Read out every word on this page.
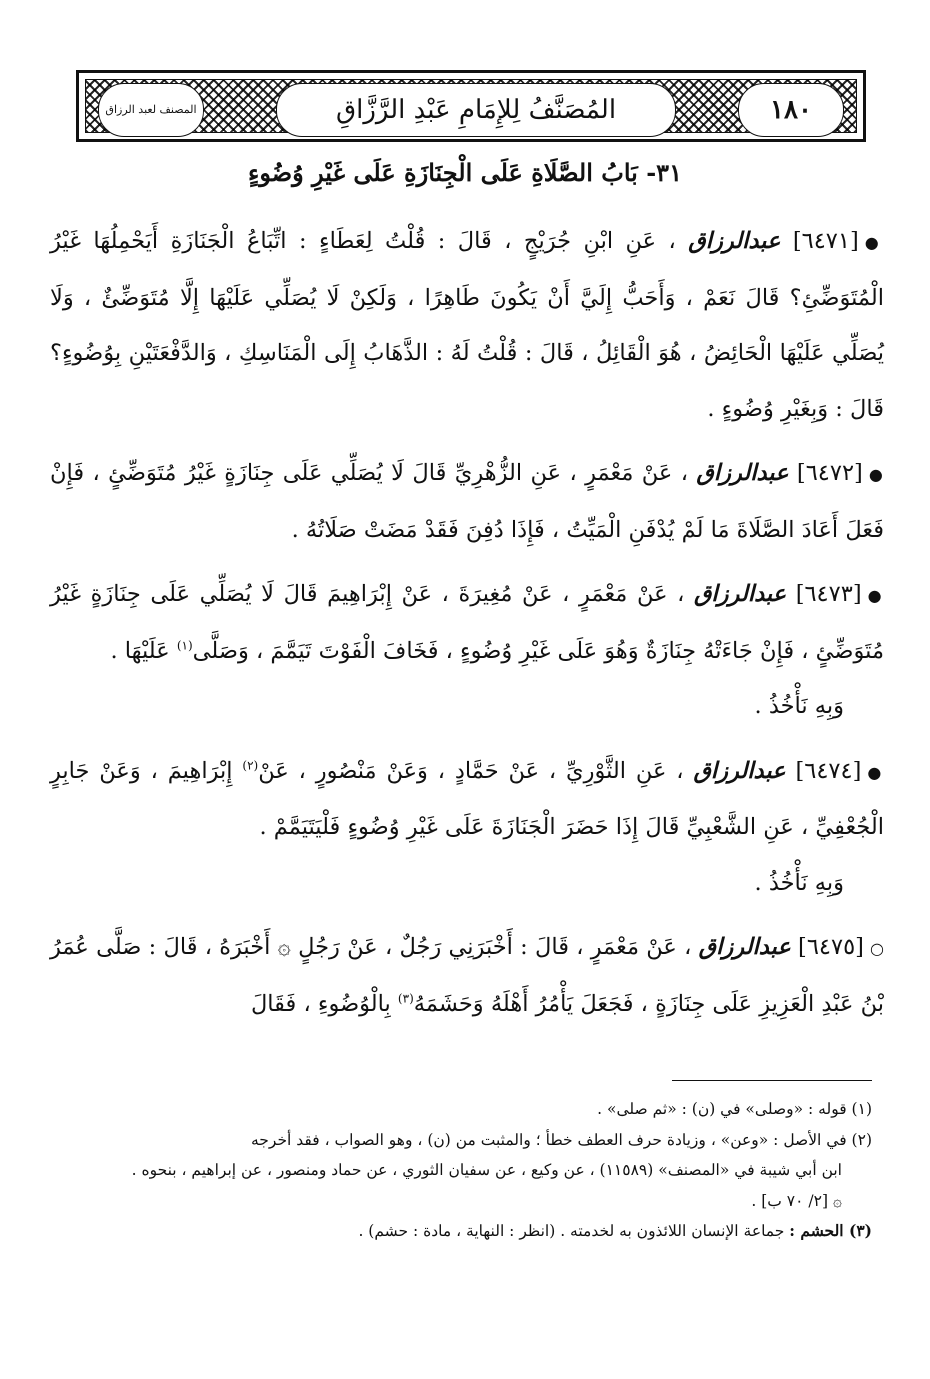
المصنف لعبد الرزاق	المُصَنَّفُ لِلإِمَامِ عَبْدِ الرَّزَّاقِ	١٨٠
٣١- بَابُ الصَّلَاةِ عَلَى الْجِنَازَةِ عَلَى غَيْرِ وُضُوءٍ

●[٦٤٧١] عبدالرزاق ، عَنِ ابْنِ جُرَيْجٍ ، قَالَ : قُلْتُ لِعَطَاءٍ : اتِّبَاعُ الْجَنَازَةِ أَيَحْمِلُهَا غَيْرُ الْمُتَوَضِّئِ؟ قَالَ نَعَمْ ، وَأَحَبُّ إِلَيَّ أَنْ يَكُونَ طَاهِرًا ، وَلَكِنْ لَا يُصَلِّي عَلَيْهَا إِلَّا مُتَوَضِّئٌ ، وَلَا يُصَلِّي عَلَيْهَا الْحَائِضُ ، هُوَ الْقَائِلُ ، قَالَ : قُلْتُ لَهُ : الذَّهَابُ إِلَى الْمَنَاسِكِ ، وَالدَّفْعَتَيْنِ بِوُضُوءٍ؟ قَالَ : وَبِغَيْرِ وُضُوءٍ .

●[٦٤٧٢] عبدالرزاق ، عَنْ مَعْمَرٍ ، عَنِ الزُّهْرِيِّ قَالَ لَا يُصَلِّي عَلَى جِنَازَةٍ غَيْرُ مُتَوَضِّئٍ ، فَإِنْ فَعَلَ أَعَادَ الصَّلَاةَ مَا لَمْ يُدْفَنِ الْمَيِّتُ ، فَإِذَا دُفِنَ فَقَدْ مَضَتْ صَلَاتُهُ .

●[٦٤٧٣] عبدالرزاق ، عَنْ مَعْمَرٍ ، عَنْ مُغِيرَةَ ، عَنْ إِبْرَاهِيمَ قَالَ لَا يُصَلِّي عَلَى جِنَازَةٍ غَيْرُ مُتَوَضِّئٍ ، فَإِنْ جَاءَتْهُ جِنَازَةٌ وَهُوَ عَلَى غَيْرِ وُضُوءٍ ، فَخَافَ الْفَوْتَ تَيَمَّمَ ، وَصَلَّى$^{(١)}$ عَلَيْهَا .
وَبِهِ نَأْخُذُ .

●[٦٤٧٤] عبدالرزاق ، عَنِ الثَّوْرِيِّ ، عَنْ حَمَّادٍ ، وَعَنْ مَنْصُورٍ ، عَنْ$^{(٢)}$ إِبْرَاهِيمَ ، وَعَنْ جَابِرٍ الْجُعْفِيِّ ، عَنِ الشَّعْبِيِّ قَالَ إِذَا حَضَرَ الْجَنَازَةَ عَلَى غَيْرِ وُضُوءٍ فَلْيَتَيَمَّمْ .
وَبِهِ نَأْخُذُ .

○[٦٤٧٥] عبدالرزاق ، عَنْ مَعْمَرٍ ، قَالَ : أَخْبَرَنِي رَجُلٌ ، عَنْ رَجُلٍ ۞ أَخْبَرَهُ ، قَالَ : صَلَّى عُمَرُ بْنُ عَبْدِ الْعَزِيزِ عَلَى جِنَازَةٍ ، فَجَعَلَ يَأْمُرُ أَهْلَهُ وَحَشَمَهُ$^{(٣)}$ بِالْوُضُوءِ ، فَقَالَ

(١) قوله : «وصلى» في (ن) : «ثم صلى» .

(٢) في الأصل : «وعن» ، وزيادة حرف العطف خطأ ؛ والمثبت من (ن) ، وهو الصواب ، فقد أخرجه
ابن أبي شيبة في «المصنف» (١١٥٨٩) ، عن وكيع ، عن سفيان الثوري ، عن حماد ومنصور ، عن إبراهيم ، بنحوه .

۞ [٢/ ٧٠ ب] .

(٣) الحشم : جماعة الإنسان اللائذون به لخدمته . (انظر : النهاية ، مادة : حشم) .
